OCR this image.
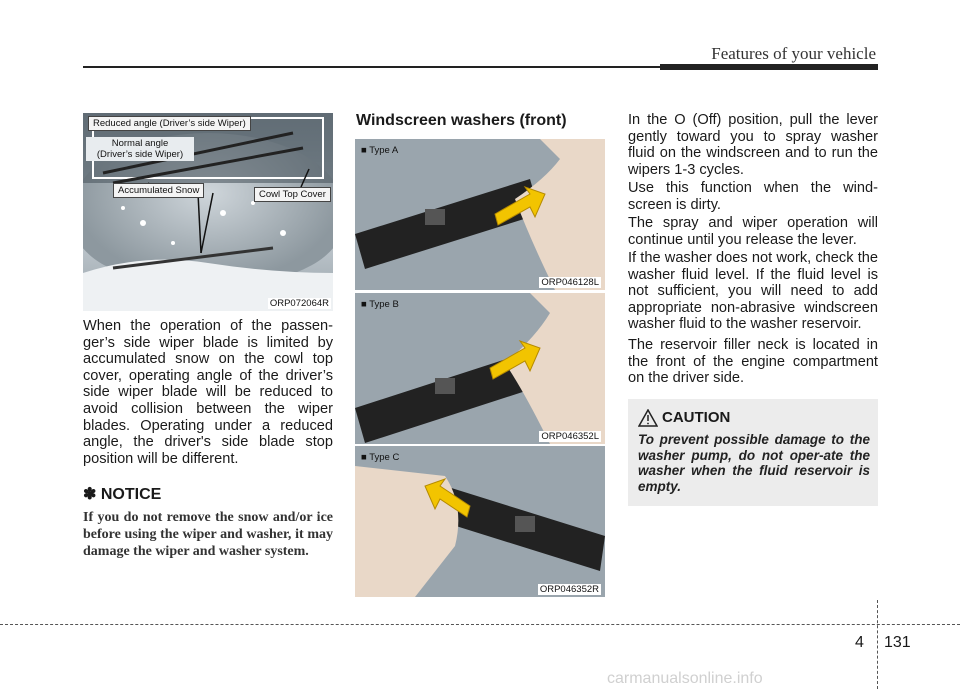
Features of your vehicle
Reduced angle (Driver’s side Wiper)
Normal angle
(Driver’s side Wiper)
Accumulated Snow	Cowl Top Cover
ORP072064R
When the operation of the passen-ger’s side wiper blade is limited by accumulated snow on the cowl top cover, operating angle of the driver’s side wiper blade will be reduced to avoid collision between the wiper blades. Operating under a reduced angle, the driver's side blade stop position will be different.
✽ NOTICE
If you do not remove the snow and/or ice before using the wiper and washer, it may damage the wiper and washer system.
Windscreen washers (front)
■ Type A
ORP046128L
■ Type B
ORP046352L
■ Type C
ORP046352R
In the O (Off) position, pull the lever gently toward you to spray washer fluid on the windscreen and to run the wipers 1-3 cycles.
Use this function when the wind-screen is dirty.
The spray and wiper operation will continue until you release the lever.
If the washer does not work, check the washer fluid level. If the fluid level is not sufficient, you will need to add appropriate non-abrasive windscreen washer fluid to the washer reservoir.
The reservoir filler neck is located in the front of the engine compartment on the driver side.
CAUTION
To prevent possible damage to the washer pump, do not oper-ate the washer when the fluid reservoir is empty.
4 131
carmanualsonline.info
